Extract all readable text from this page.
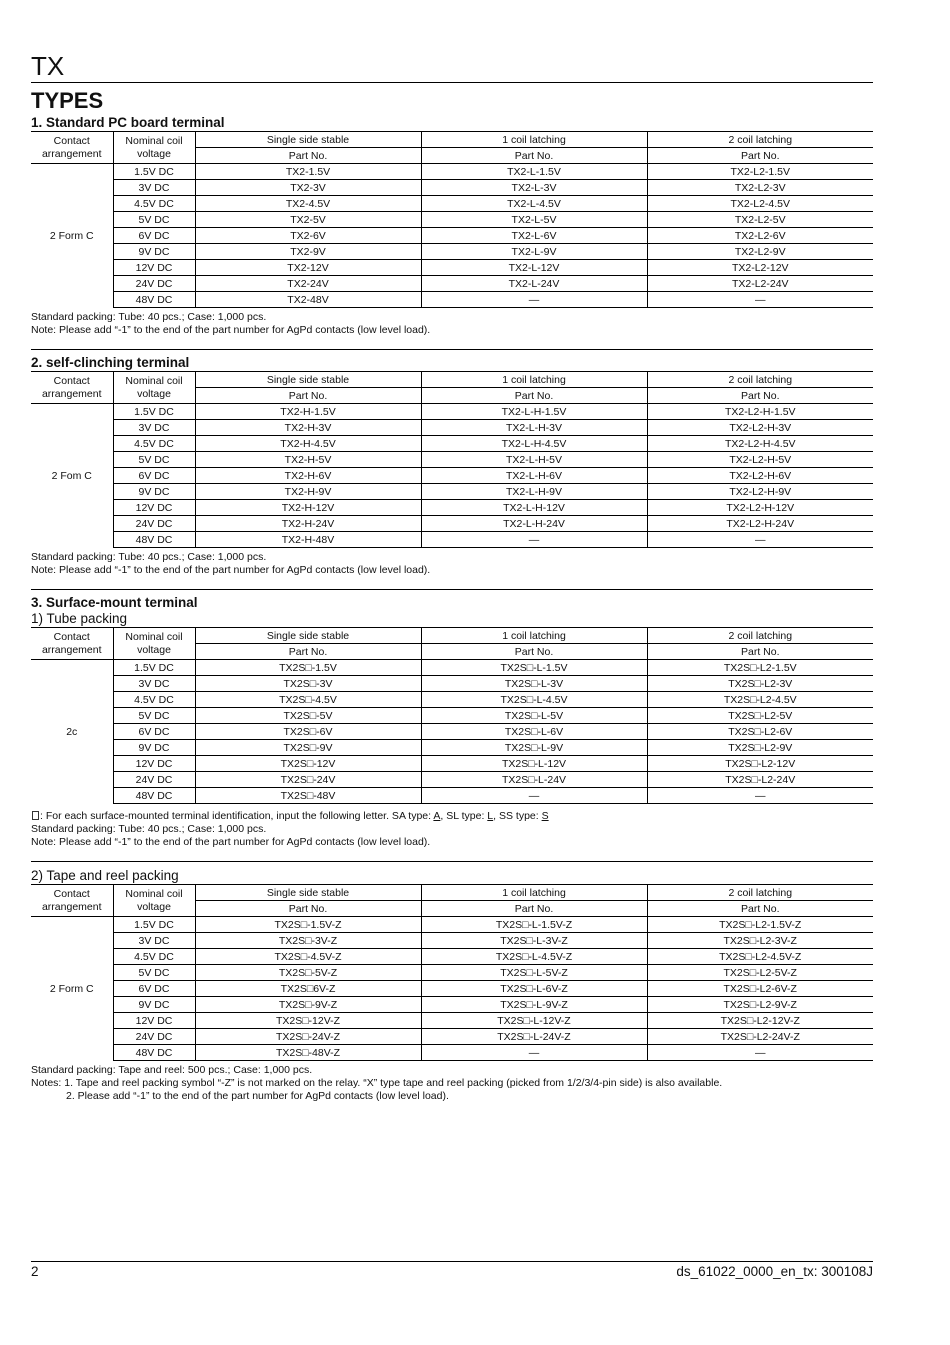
TX
TYPES
1. Standard PC board terminal
Contact arrangement	Nominal coil voltage	Single side stable	1 coil latching	2 coil latching
		Part No.	Part No.	Part No.
2 Form C	1.5V DC	TX2-1.5V	TX2-L-1.5V	TX2-L2-1.5V
	3V DC	TX2-3V	TX2-L-3V	TX2-L2-3V
	4.5V DC	TX2-4.5V	TX2-L-4.5V	TX2-L2-4.5V
	5V DC	TX2-5V	TX2-L-5V	TX2-L2-5V
	6V DC	TX2-6V	TX2-L-6V	TX2-L2-6V
	9V DC	TX2-9V	TX2-L-9V	TX2-L2-9V
	12V DC	TX2-12V	TX2-L-12V	TX2-L2-12V
	24V DC	TX2-24V	TX2-L-24V	TX2-L2-24V
	48V DC	TX2-48V	—	—

Standard packing: Tube: 40 pcs.; Case: 1,000 pcs.

Note: Please add “-1” to the end of the part number for AgPd contacts (low level load).

2. self-clinching terminal
Contact arrangement	Nominal coil voltage	Single side stable	1 coil latching	2 coil latching
		Part No.	Part No.	Part No.
2 Fom C	1.5V DC	TX2-H-1.5V	TX2-L-H-1.5V	TX2-L2-H-1.5V
	3V DC	TX2-H-3V	TX2-L-H-3V	TX2-L2-H-3V
	4.5V DC	TX2-H-4.5V	TX2-L-H-4.5V	TX2-L2-H-4.5V
	5V DC	TX2-H-5V	TX2-L-H-5V	TX2-L2-H-5V
	6V DC	TX2-H-6V	TX2-L-H-6V	TX2-L2-H-6V
	9V DC	TX2-H-9V	TX2-L-H-9V	TX2-L2-H-9V
	12V DC	TX2-H-12V	TX2-L-H-12V	TX2-L2-H-12V
	24V DC	TX2-H-24V	TX2-L-H-24V	TX2-L2-H-24V
	48V DC	TX2-H-48V	—	—

Standard packing: Tube: 40 pcs.; Case: 1,000 pcs.

Note: Please add “-1” to the end of the part number for AgPd contacts (low level load).

3. Surface-mount terminal
1) Tube packing
Contact arrangement	Nominal coil voltage	Single side stable	1 coil latching	2 coil latching
		Part No.	Part No.	Part No.
2c	1.5V DC	TX2S□-1.5V	TX2S□-L-1.5V	TX2S□-L2-1.5V
	3V DC	TX2S□-3V	TX2S□-L-3V	TX2S□-L2-3V
	4.5V DC	TX2S□-4.5V	TX2S□-L-4.5V	TX2S□-L2-4.5V
	5V DC	TX2S□-5V	TX2S□-L-5V	TX2S□-L2-5V
	6V DC	TX2S□-6V	TX2S□-L-6V	TX2S□-L2-6V
	9V DC	TX2S□-9V	TX2S□-L-9V	TX2S□-L2-9V
	12V DC	TX2S□-12V	TX2S□-L-12V	TX2S□-L2-12V
	24V DC	TX2S□-24V	TX2S□-L-24V	TX2S□-L2-24V
	48V DC	TX2S□-48V	—	—

: For each surface-mounted terminal identification, input the following letter. SA type: A, SL type: L, SS type: S

Standard packing: Tube: 40 pcs.; Case: 1,000 pcs.

Note: Please add “-1” to the end of the part number for AgPd contacts (low level load).

2) Tape and reel packing
Contact arrangement	Nominal coil voltage	Single side stable	1 coil latching	2 coil latching
		Part No.	Part No.	Part No.
2 Form C	1.5V DC	TX2S□-1.5V-Z	TX2S□-L-1.5V-Z	TX2S□-L2-1.5V-Z
	3V DC	TX2S□-3V-Z	TX2S□-L-3V-Z	TX2S□-L2-3V-Z
	4.5V DC	TX2S□-4.5V-Z	TX2S□-L-4.5V-Z	TX2S□-L2-4.5V-Z
	5V DC	TX2S□-5V-Z	TX2S□-L-5V-Z	TX2S□-L2-5V-Z
	6V DC	TX2S□6V-Z	TX2S□-L-6V-Z	TX2S□-L2-6V-Z
	9V DC	TX2S□-9V-Z	TX2S□-L-9V-Z	TX2S□-L2-9V-Z
	12V DC	TX2S□-12V-Z	TX2S□-L-12V-Z	TX2S□-L2-12V-Z
	24V DC	TX2S□-24V-Z	TX2S□-L-24V-Z	TX2S□-L2-24V-Z
	48V DC	TX2S□-48V-Z	—	—

Standard packing: Tape and reel: 500 pcs.; Case: 1,000 pcs.

Notes: 1. Tape and reel packing symbol “-Z” is not marked on the relay. “X” type tape and reel packing (picked from 1/2/3/4-pin side) is also available.

2. Please add “-1” to the end of the part number for AgPd contacts (low level load).

2	ds_61022_0000_en_tx: 300108J
